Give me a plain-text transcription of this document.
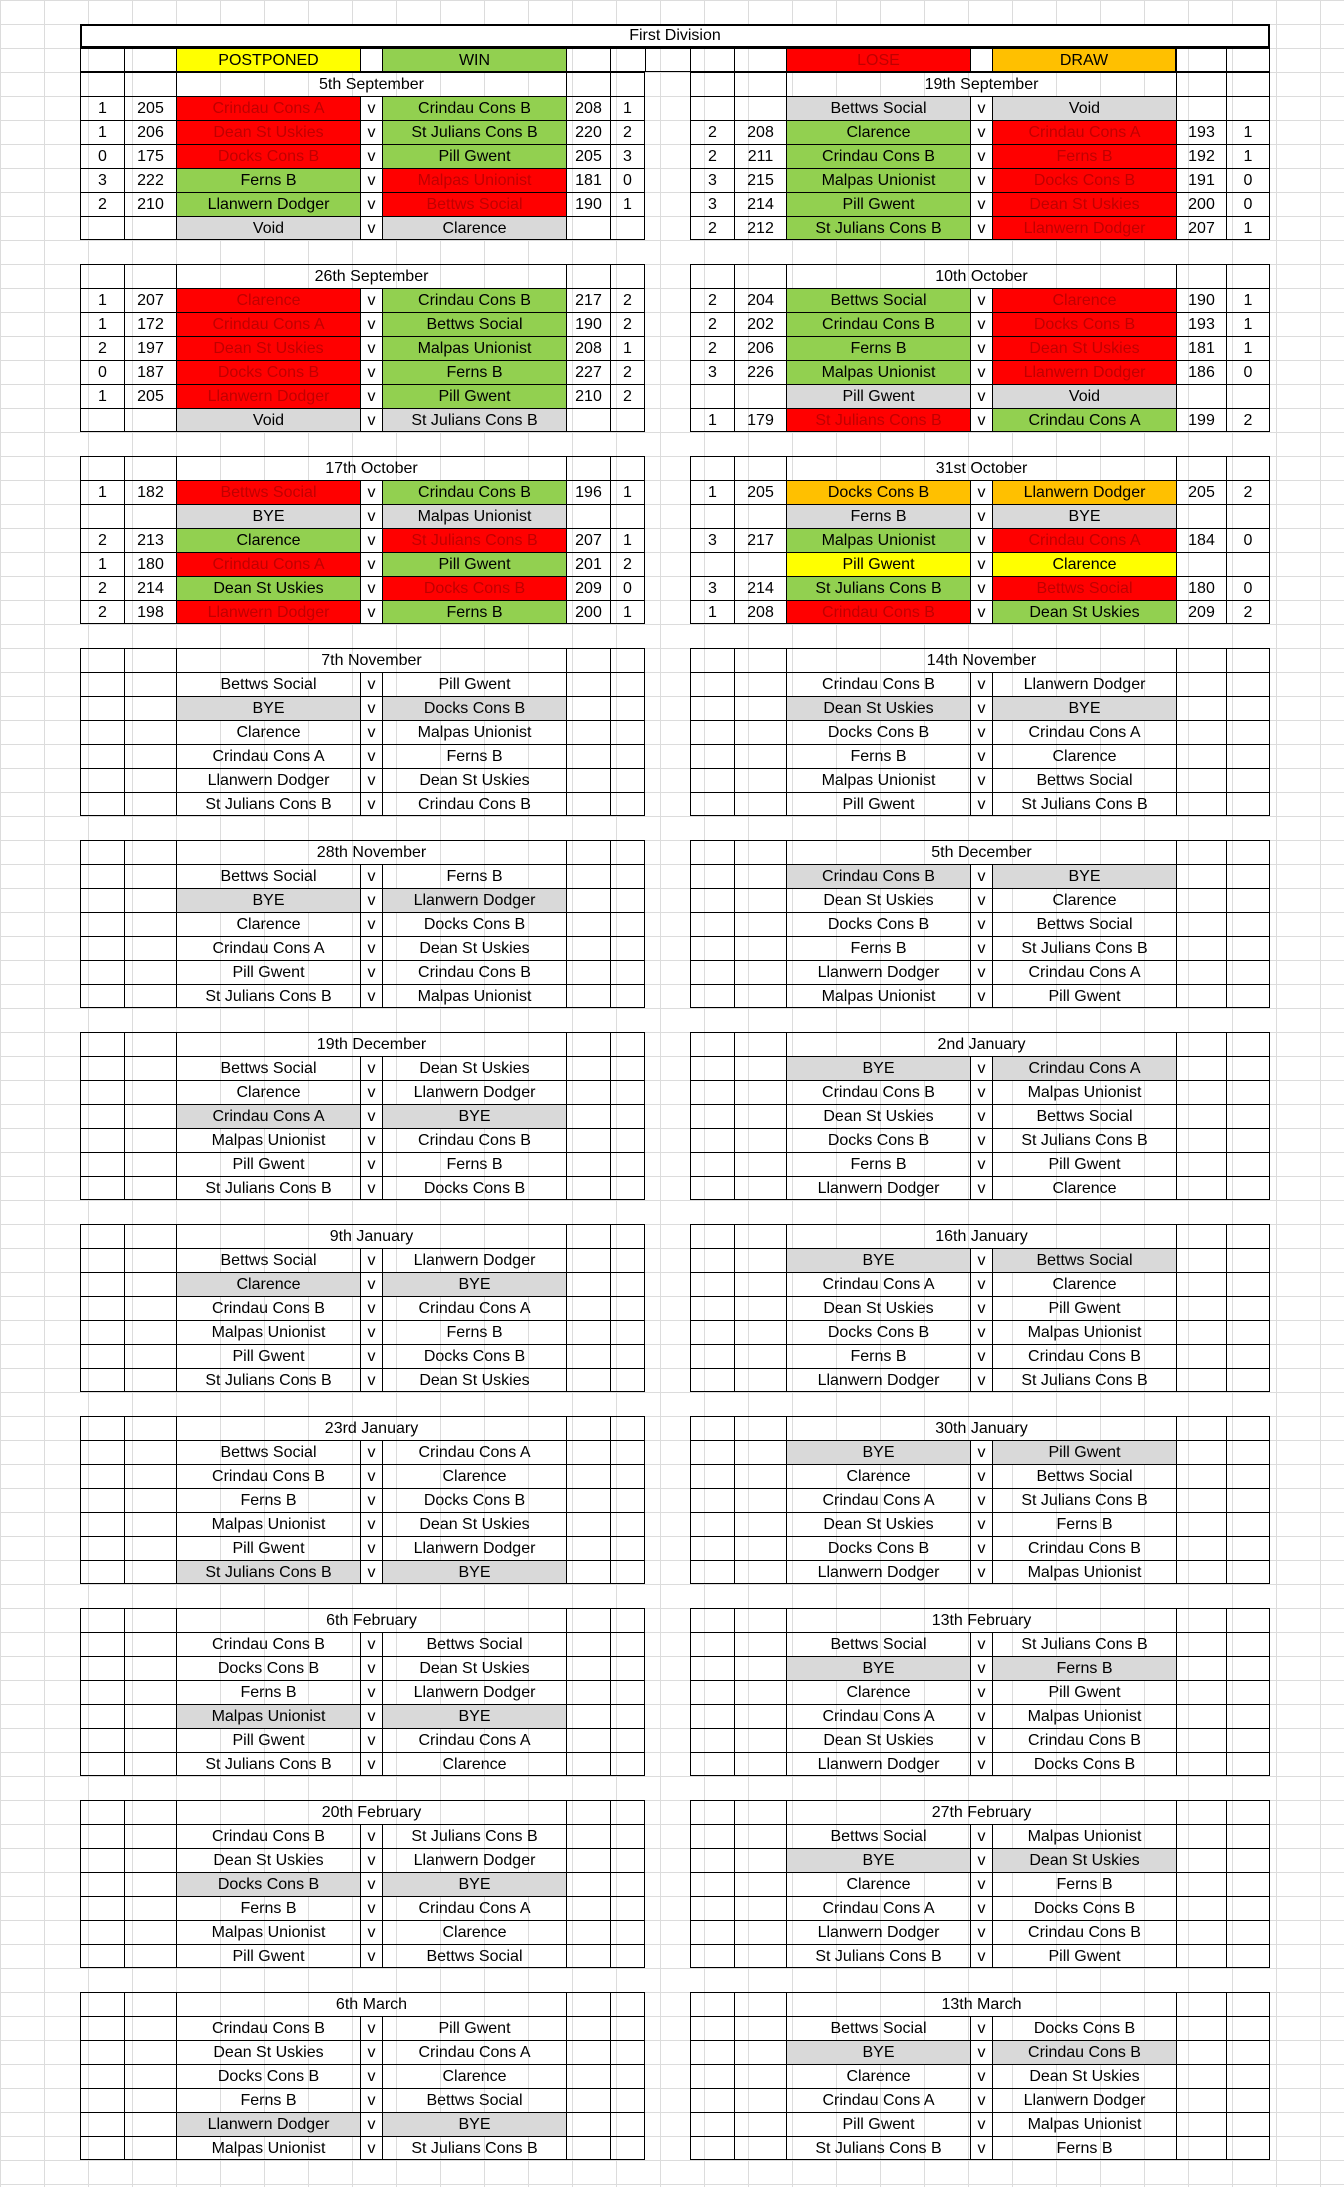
First Division
POSTPONED	WIN	LOSE	DRAW
5th September
1	205	Crindau Cons A	v	Crindau Cons B	208	1
1	206	Dean St Uskies	v	St Julians Cons B	220	2
0	175	Docks Cons B	v	Pill Gwent	205	3
3	222	Ferns B	v	Malpas Unionist	181	0
2	210	Llanwern Dodger	v	Bettws Social	190	1
Void	v	Clarence
19th September
Bettws Social	v	Void
2	208	Clarence	v	Crindau Cons A	193	1
2	211	Crindau Cons B	v	Ferns B	192	1
3	215	Malpas Unionist	v	Docks Cons B	191	0
3	214	Pill Gwent	v	Dean St Uskies	200	0
2	212	St Julians Cons B	v	Llanwern Dodger	207	1
26th September
1	207	Clarence	v	Crindau Cons B	217	2
1	172	Crindau Cons A	v	Bettws Social	190	2
2	197	Dean St Uskies	v	Malpas Unionist	208	1
0	187	Docks Cons B	v	Ferns B	227	2
1	205	Llanwern Dodger	v	Pill Gwent	210	2
Void	v	St Julians Cons B
10th October
2	204	Bettws Social	v	Clarence	190	1
2	202	Crindau Cons B	v	Docks Cons B	193	1
2	206	Ferns B	v	Dean St Uskies	181	1
3	226	Malpas Unionist	v	Llanwern Dodger	186	0
Pill Gwent	v	Void
1	179	St Julians Cons B	v	Crindau Cons A	199	2
17th October
1	182	Bettws Social	v	Crindau Cons B	196	1
BYE	v	Malpas Unionist
2	213	Clarence	v	St Julians Cons B	207	1
1	180	Crindau Cons A	v	Pill Gwent	201	2
2	214	Dean St Uskies	v	Docks Cons B	209	0
2	198	Llanwern Dodger	v	Ferns B	200	1
31st October
1	205	Docks Cons B	v	Llanwern Dodger	205	2
Ferns B	v	BYE
3	217	Malpas Unionist	v	Crindau Cons A	184	0
Pill Gwent	v	Clarence
3	214	St Julians Cons B	v	Bettws Social	180	0
1	208	Crindau Cons B	v	Dean St Uskies	209	2
7th November
Bettws Social	v	Pill Gwent
BYE	v	Docks Cons B
Clarence	v	Malpas Unionist
Crindau Cons A	v	Ferns B
Llanwern Dodger	v	Dean St Uskies
St Julians Cons B	v	Crindau Cons B
14th November
Crindau Cons B	v	Llanwern Dodger
Dean St Uskies	v	BYE
Docks Cons B	v	Crindau Cons A
Ferns B	v	Clarence
Malpas Unionist	v	Bettws Social
Pill Gwent	v	St Julians Cons B
28th November
Bettws Social	v	Ferns B
BYE	v	Llanwern Dodger
Clarence	v	Docks Cons B
Crindau Cons A	v	Dean St Uskies
Pill Gwent	v	Crindau Cons B
St Julians Cons B	v	Malpas Unionist
5th December
Crindau Cons B	v	BYE
Dean St Uskies	v	Clarence
Docks Cons B	v	Bettws Social
Ferns B	v	St Julians Cons B
Llanwern Dodger	v	Crindau Cons A
Malpas Unionist	v	Pill Gwent
19th December
Bettws Social	v	Dean St Uskies
Clarence	v	Llanwern Dodger
Crindau Cons A	v	BYE
Malpas Unionist	v	Crindau Cons B
Pill Gwent	v	Ferns B
St Julians Cons B	v	Docks Cons B
2nd January
BYE	v	Crindau Cons A
Crindau Cons B	v	Malpas Unionist
Dean St Uskies	v	Bettws Social
Docks Cons B	v	St Julians Cons B
Ferns B	v	Pill Gwent
Llanwern Dodger	v	Clarence
9th January
Bettws Social	v	Llanwern Dodger
Clarence	v	BYE
Crindau Cons B	v	Crindau Cons A
Malpas Unionist	v	Ferns B
Pill Gwent	v	Docks Cons B
St Julians Cons B	v	Dean St Uskies
16th January
BYE	v	Bettws Social
Crindau Cons A	v	Clarence
Dean St Uskies	v	Pill Gwent
Docks Cons B	v	Malpas Unionist
Ferns B	v	Crindau Cons B
Llanwern Dodger	v	St Julians Cons B
23rd January
Bettws Social	v	Crindau Cons A
Crindau Cons B	v	Clarence
Ferns B	v	Docks Cons B
Malpas Unionist	v	Dean St Uskies
Pill Gwent	v	Llanwern Dodger
St Julians Cons B	v	BYE
30th January
BYE	v	Pill Gwent
Clarence	v	Bettws Social
Crindau Cons A	v	St Julians Cons B
Dean St Uskies	v	Ferns B
Docks Cons B	v	Crindau Cons B
Llanwern Dodger	v	Malpas Unionist
6th February
Crindau Cons B	v	Bettws Social
Docks Cons B	v	Dean St Uskies
Ferns B	v	Llanwern Dodger
Malpas Unionist	v	BYE
Pill Gwent	v	Crindau Cons A
St Julians Cons B	v	Clarence
13th February
Bettws Social	v	St Julians Cons B
BYE	v	Ferns B
Clarence	v	Pill Gwent
Crindau Cons A	v	Malpas Unionist
Dean St Uskies	v	Crindau Cons B
Llanwern Dodger	v	Docks Cons B
20th February
Crindau Cons B	v	St Julians Cons B
Dean St Uskies	v	Llanwern Dodger
Docks Cons B	v	BYE
Ferns B	v	Crindau Cons A
Malpas Unionist	v	Clarence
Pill Gwent	v	Bettws Social
27th February
Bettws Social	v	Malpas Unionist
BYE	v	Dean St Uskies
Clarence	v	Ferns B
Crindau Cons A	v	Docks Cons B
Llanwern Dodger	v	Crindau Cons B
St Julians Cons B	v	Pill Gwent
6th March
Crindau Cons B	v	Pill Gwent
Dean St Uskies	v	Crindau Cons A
Docks Cons B	v	Clarence
Ferns B	v	Bettws Social
Llanwern Dodger	v	BYE
Malpas Unionist	v	St Julians Cons B
13th March
Bettws Social	v	Docks Cons B
BYE	v	Crindau Cons B
Clarence	v	Dean St Uskies
Crindau Cons A	v	Llanwern Dodger
Pill Gwent	v	Malpas Unionist
St Julians Cons B	v	Ferns B
